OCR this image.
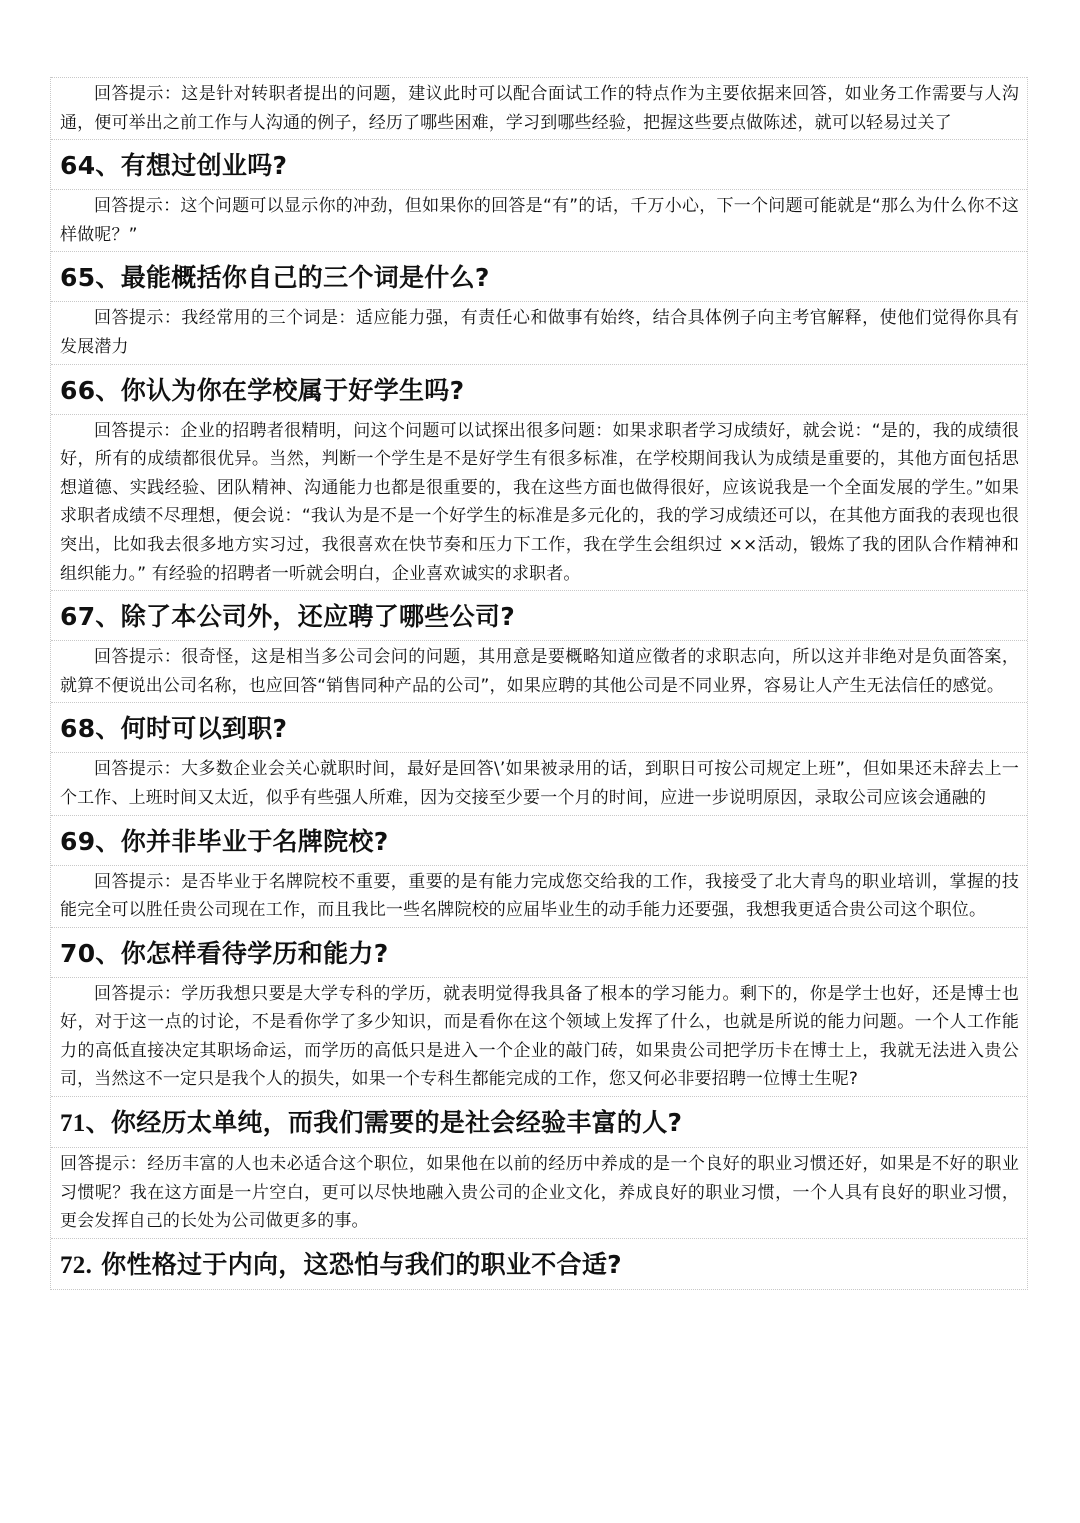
回答提示：这是针对转职者提出的问题，建议此时可以配合面试工作的特点作为主要依据来回答，如业务工作需要与人沟通，便可举出之前工作与人沟通的例子，经历了哪些困难，学习到哪些经验，把握这些要点做陈述，就可以轻易过关了
64、有想过创业吗?
回答提示：这个问题可以显示你的冲劲，但如果你的回答是“有”的话，千万小心，下一个问题可能就是“那么为什么你不这样做呢？”
65、最能概括你自己的三个词是什么?
回答提示：我经常用的三个词是：适应能力强，有责任心和做事有始终，结合具体例子向主考官解释，使他们觉得你具有发展潜力
66、你认为你在学校属于好学生吗?
回答提示：企业的招聘者很精明，问这个问题可以试探出很多问题：如果求职者学习成绩好，就会说：“是的，我的成绩很好，所有的成绩都很优异。当然，判断一个学生是不是好学生有很多标准，在学校期间我认为成绩是重要的，其他方面包括思想道德、实践经验、团队精神、沟通能力也都是很重要的，我在这些方面也做得很好，应该说我是一个全面发展的学生。”如果求职者成绩不尽理想，便会说：“我认为是不是一个好学生的标准是多元化的，我的学习成绩还可以，在其他方面我的表现也很突出，比如我去很多地方实习过，我很喜欢在快节奏和压力下工作，我在学生会组织过 ××活动，锻炼了我的团队合作精神和组织能力。” 有经验的招聘者一听就会明白，企业喜欢诚实的求职者。
67、除了本公司外，还应聘了哪些公司?
回答提示：很奇怪，这是相当多公司会问的问题，其用意是要概略知道应徵者的求职志向，所以这并非绝对是负面答案，就算不便说出公司名称，也应回答“销售同种产品的公司”，如果应聘的其他公司是不同业界，容易让人产生无法信任的感觉。
68、何时可以到职?
回答提示：大多数企业会关心就职时间，最好是回答\’如果被录用的话，到职日可按公司规定上班”，但如果还未辞去上一个工作、上班时间又太近，似乎有些强人所难，因为交接至少要一个月的时间，应进一步说明原因，录取公司应该会通融的
69、你并非毕业于名牌院校?
回答提示：是否毕业于名牌院校不重要，重要的是有能力完成您交给我的工作，我接受了北大青鸟的职业培训，掌握的技能完全可以胜任贵公司现在工作，而且我比一些名牌院校的应届毕业生的动手能力还要强，我想我更适合贵公司这个职位。
70、你怎样看待学历和能力?
回答提示：学历我想只要是大学专科的学历，就表明觉得我具备了根本的学习能力。剩下的，你是学士也好，还是博士也好，对于这一点的讨论，不是看你学了多少知识，而是看你在这个领域上发挥了什么，也就是所说的能力问题。一个人工作能力的高低直接决定其职场命运，而学历的高低只是进入一个企业的敲门砖，如果贵公司把学历卡在博士上，我就无法进入贵公司，当然这不一定只是我个人的损失，如果一个专科生都能完成的工作，您又何必非要招聘一位博士生呢?
71、你经历太单纯，而我们需要的是社会经验丰富的人?
回答提示：经历丰富的人也未必适合这个职位，如果他在以前的经历中养成的是一个良好的职业习惯还好，如果是不好的职业习惯呢？我在这方面是一片空白，更可以尽快地融入贵公司的企业文化，养成良好的职业习惯，一个人具有良好的职业习惯，更会发挥自己的长处为公司做更多的事。
72. 你性格过于内向，这恐怕与我们的职业不合适?
